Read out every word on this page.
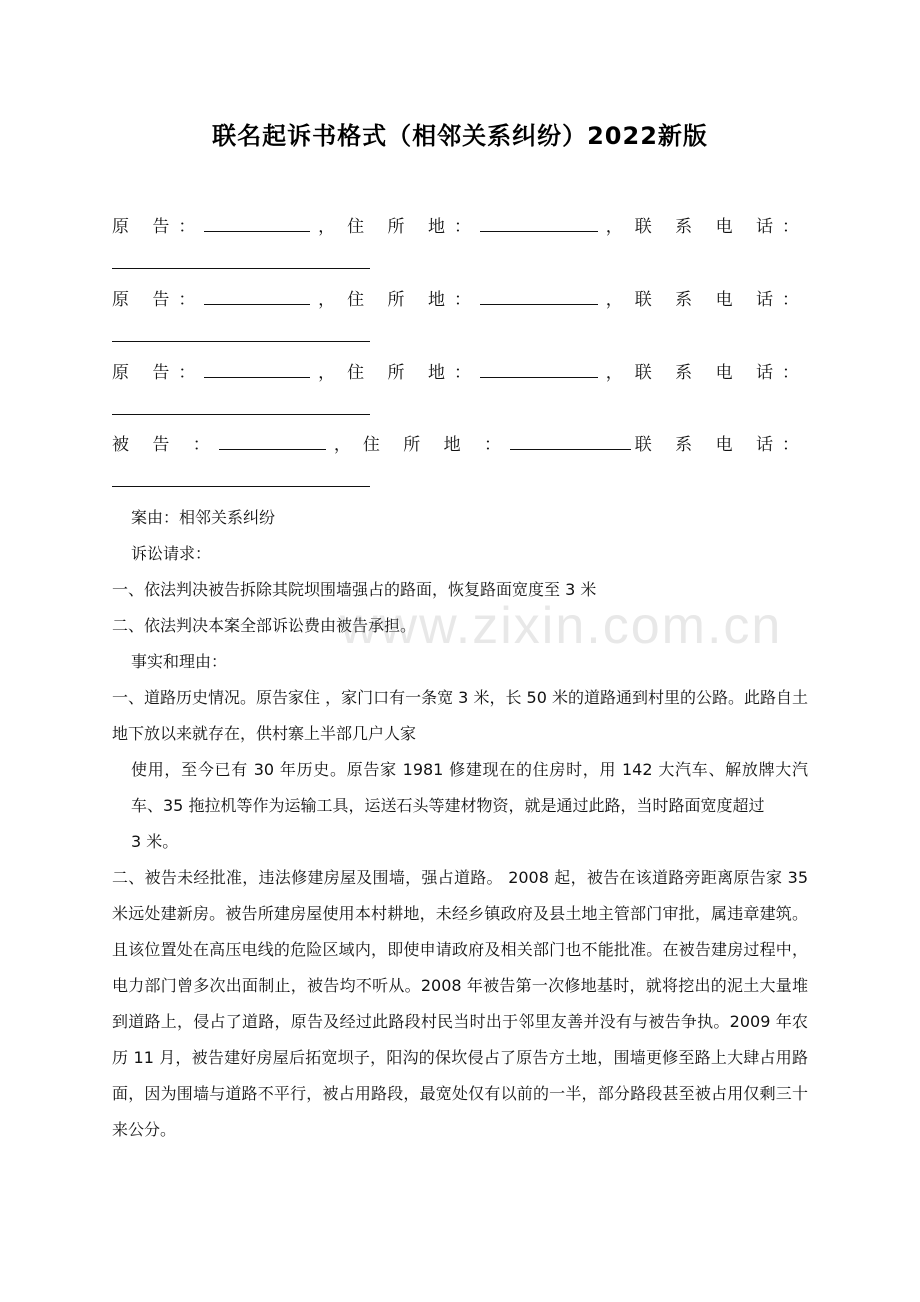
联名起诉书格式（相邻关系纠纷）2022新版
原 告：	， 住 所 地：	， 联 系 电 话：
原 告：	， 住 所 地：	， 联 系 电 话：
原 告：	， 住 所 地：	， 联 系 电 话：
被 告 ：	， 住 所 地 ：	联 系 电 话：

案由：相邻关系纠纷

诉讼请求：

一、依法判决被告拆除其院坝围墙强占的路面，恢复路面宽度至 3 米

二、依法判决本案全部诉讼费由被告承担。

事实和理由：

一、道路历史情况。原告家住 ，家门口有一条宽 3 米，长 50 米的道路通到村里的公路。此路自土地下放以来就存在，供村寨上半部几户人家

使用，至今已有 30 年历史。原告家 1981 修建现在的住房时，用 142 大汽车、解放牌大汽车、35 拖拉机等作为运输工具，运送石头等建材物资，就是通过此路，当时路面宽度超过

3 米。

二、被告未经批准，违法修建房屋及围墙，强占道路。 2008 起，被告在该道路旁距离原告家 35 米远处建新房。被告所建房屋使用本村耕地，未经乡镇政府及县土地主管部门审批，属违章建筑。且该位置处在高压电线的危险区域内，即使申请政府及相关部门也不能批准。在被告建房过程中，电力部门曾多次出面制止，被告均不听从。2008 年被告第一次修地基时，就将挖出的泥土大量堆到道路上，侵占了道路，原告及经过此路段村民当时出于邻里友善并没有与被告争执。2009 年农历 11 月，被告建好房屋后拓宽坝子，阳沟的保坎侵占了原告方土地，围墙更修至路上大肆占用路面，因为围墙与道路不平行，被占用路段，最宽处仅有以前的一半，部分路段甚至被占用仅剩三十来公分。

www.zixin.com.cn
